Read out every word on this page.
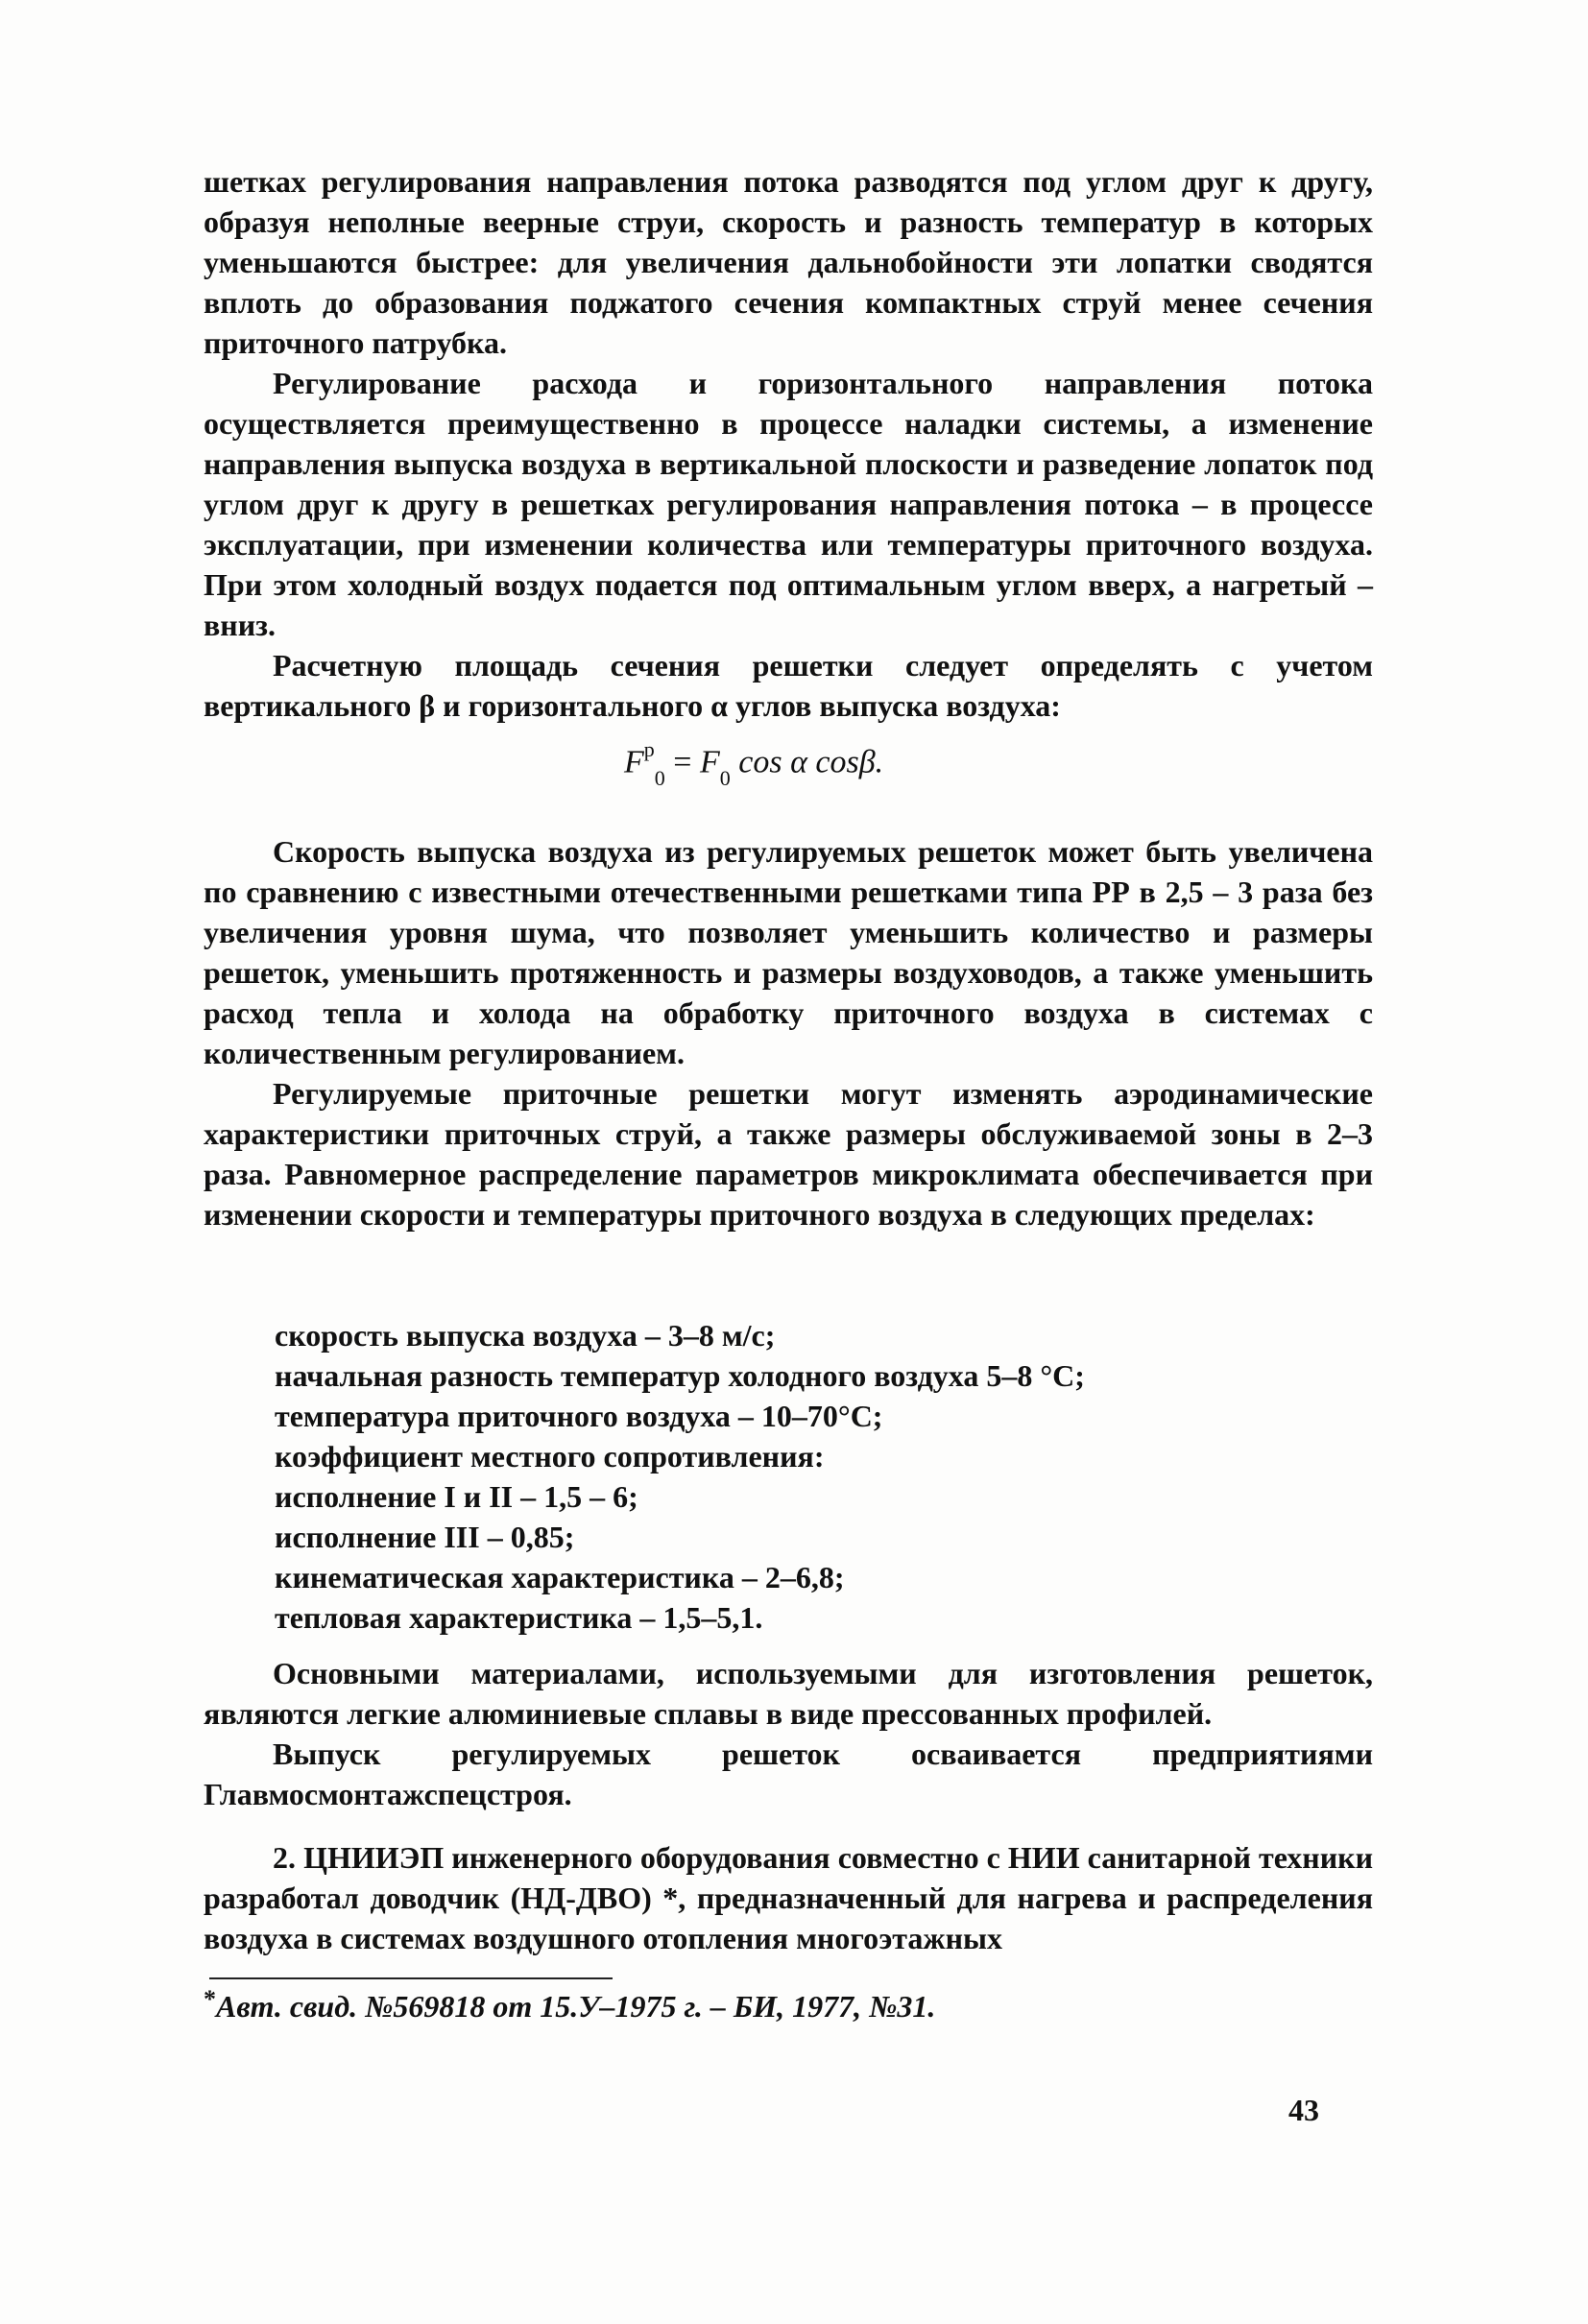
шетках регулирования направления потока разводятся под углом друг к другу, образуя неполные веерные струи, скорость и разность температур в которых уменьшаются быстрее: для увеличения дальнобойности эти лопатки сводятся вплоть до образования поджатого сечения компактных струй менее сечения приточного патрубка.

Регулирование расхода и горизонтального направления потока осуществляется преимущественно в процессе наладки системы, а изменение направления выпуска воздуха в вертикальной плоскости и разведение лопаток под углом друг к другу в решетках регулирования направления потока – в процессе эксплуатации, при изменении количества или температуры приточного воздуха. При этом холодный воздух подается под оптимальным углом вверх, а нагретый – вниз.

Расчетную площадь сечения решетки следует определять с учетом вертикального β и горизонтального α углов выпуска воздуха:

$F^р_0 = F_0$ cos α cosβ.

Скорость выпуска воздуха из регулируемых решеток может быть увеличена по сравнению с известными отечественными решетками типа РР в 2,5 – 3 раза без увеличения уровня шума, что позволяет уменьшить количество и размеры решеток, уменьшить протяженность и размеры воздуховодов, а также уменьшить расход тепла и холода на обработку приточного воздуха в системах с количественным регулированием.

Регулируемые приточные решетки могут изменять аэродинамические характеристики приточных струй, а также размеры обслуживаемой зоны в 2–3 раза. Равномерное распределение параметров микроклимата обеспечивается при изменении скорости и температуры приточного воздуха в следующих пределах:

скорость выпуска воздуха – 3–8 м/с;
начальная разность температур холодного воздуха 5–8 °С;
температура приточного воздуха – 10–70°С;
коэффициент местного сопротивления:
исполнение I и II – 1,5 – 6;
исполнение III – 0,85;
кинематическая характеристика – 2–6,8;
тепловая характеристика – 1,5–5,1.

Основными материалами, используемыми для изготовления решеток, являются легкие алюминиевые сплавы в виде прессованных профилей.

Выпуск регулируемых решеток осваивается предприятиями Главмосмонтажспецстроя.

2. ЦНИИЭП инженерного оборудования совместно с НИИ санитарной техники разработал доводчик (НД-ДВО) *, предназначенный для нагрева и распределения воздуха в системах воздушного отопления многоэтажных

*Авт. свид. №569818 от 15.У–1975 г. – БИ, 1977, №31.
43
